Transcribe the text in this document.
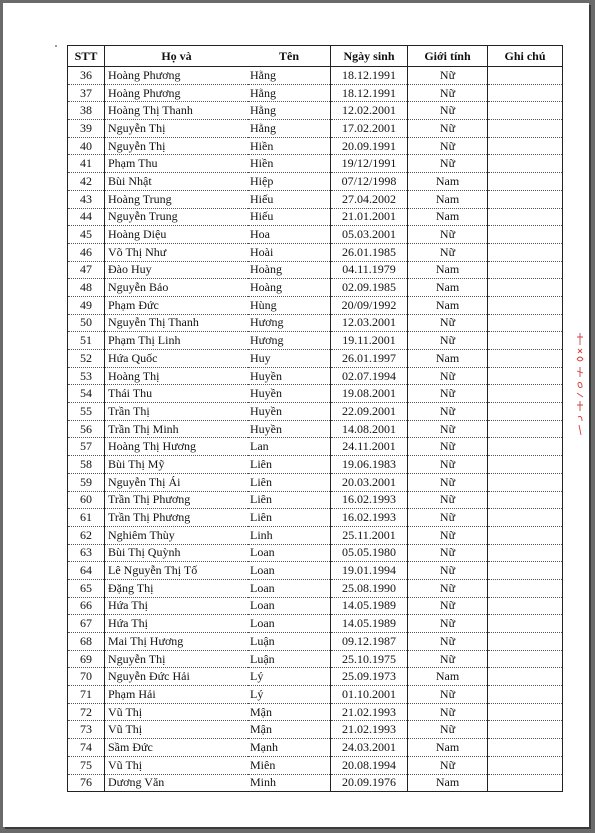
STT	Họ và	Tên	Ngày sinh	Giới tính	Ghi chú
36	Hoàng Phương	Hằng	18.12.1991	Nữ	
37	Hoàng Phương	Hằng	18.12.1991	Nữ	
38	Hoàng Thị Thanh	Hằng	12.02.2001	Nữ	
39	Nguyễn Thị	Hằng	17.02.2001	Nữ	
40	Nguyễn Thị	Hiền	20.09.1991	Nữ	
41	Phạm Thu	Hiền	19/12/1991	Nữ	
42	Bùi Nhật	Hiệp	07/12/1998	Nam	
43	Hoàng Trung	Hiếu	27.04.2002	Nam	
44	Nguyễn Trung	Hiếu	21.01.2001	Nam	
45	Hoàng Diệu	Hoa	05.03.2001	Nữ	
46	Võ Thị Như	Hoài	26.01.1985	Nữ	
47	Đào Huy	Hoàng	04.11.1979	Nam	
48	Nguyễn Bảo	Hoàng	02.09.1985	Nam	
49	Phạm Đức	Hùng	20/09/1992	Nam	
50	Nguyễn Thị Thanh	Hương	12.03.2001	Nữ	
51	Phạm Thị Linh	Hương	19.11.2001	Nữ	
52	Hứa Quốc	Huy	26.01.1997	Nam	
53	Hoàng Thị	Huyền	02.07.1994	Nữ	
54	Thái Thu	Huyền	19.08.2001	Nữ	
55	Trần Thị	Huyền	22.09.2001	Nữ	
56	Trần Thị Minh	Huyền	14.08.2001	Nữ	
57	Hoàng Thị Hương	Lan	24.11.2001	Nữ	
58	Bùi Thị Mỹ	Liên	19.06.1983	Nữ	
59	Nguyễn Thị Ái	Liên	20.03.2001	Nữ	
60	Trần Thị Phương	Liên	16.02.1993	Nữ	
61	Trần Thị Phương	Liên	16.02.1993	Nữ	
62	Nghiêm Thùy	Linh	25.11.2001	Nữ	
63	Bùi Thị Quỳnh	Loan	05.05.1980	Nữ	
64	Lê Nguyễn Thị Tố	Loan	19.01.1994	Nữ	
65	Đặng Thị	Loan	25.08.1990	Nữ	
66	Hứa Thị	Loan	14.05.1989	Nữ	
67	Hứa Thị	Loan	14.05.1989	Nữ	
68	Mai Thị Hương	Luận	09.12.1987	Nữ	
69	Nguyễn Thị	Luận	25.10.1975	Nữ	
70	Nguyễn Đức Hải	Lý	25.09.1973	Nam	
71	Phạm Hải	Lý	01.10.2001	Nữ	
72	Vũ Thị	Mận	21.02.1993	Nữ	
73	Vũ Thị	Mận	21.02.1993	Nữ	
74	Sầm Đức	Mạnh	24.03.2001	Nam	
75	Vũ Thị	Miên	20.08.1994	Nữ	
76	Dương Văn	Minh	20.09.1976	Nam	
